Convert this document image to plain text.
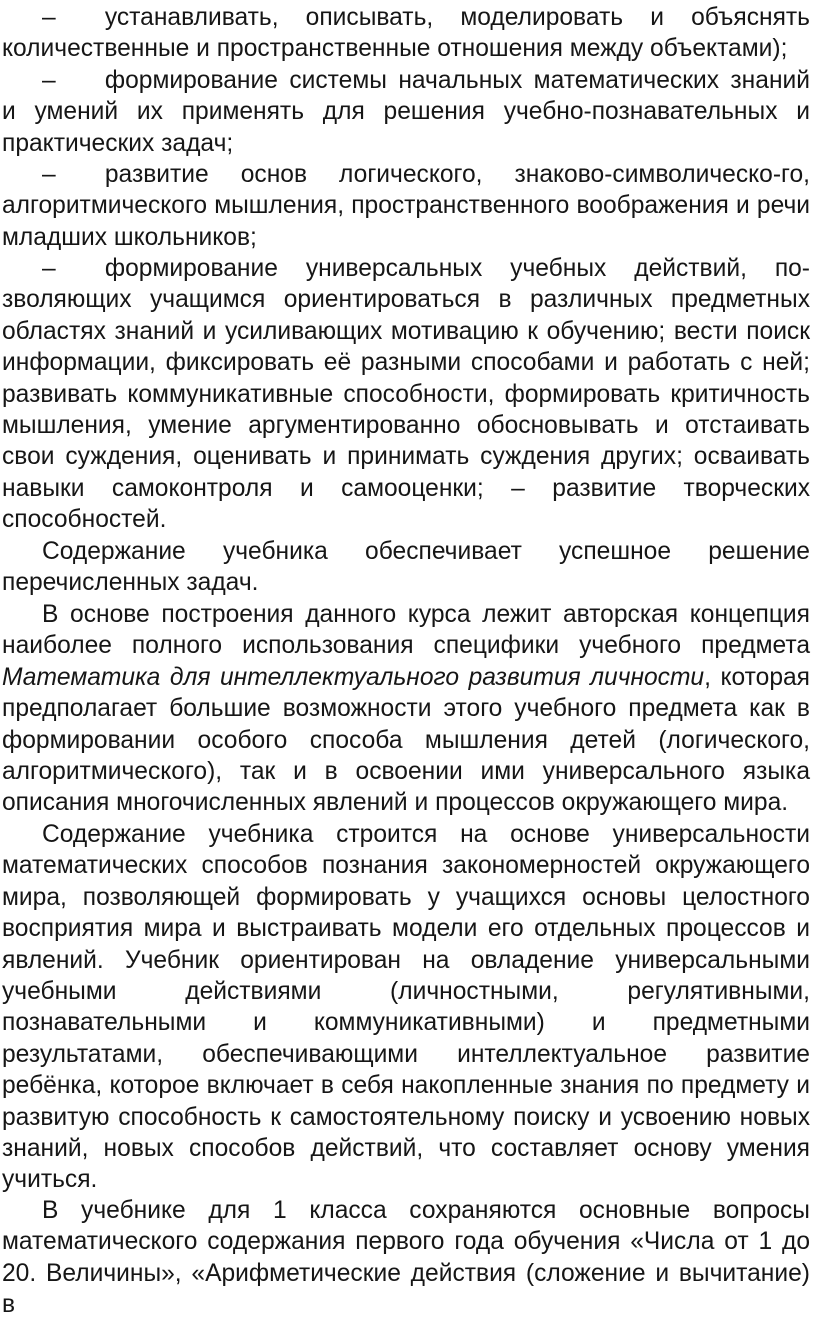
–  устанавливать, описывать, моделировать и объяснять количественные и пространственные отношения между объектами);

–  формирование системы начальных математических знаний и умений их применять для решения учебно-познавательных и практических задач;

–  развитие основ логического, знаково-символическо-го, алгоритмического мышления, пространственного воображения и речи младших школьников;

–  формирование универсальных учебных действий, по-зволяющих учащимся ориентироваться в различных предметных областях знаний и усиливающих мотивацию к обучению; вести поиск информации, фиксировать её разными способами и работать с ней; развивать коммуникативные способности, формировать критичность мышления, умение аргументированно обосновывать и отстаивать свои суждения, оценивать и принимать суждения других; осваивать навыки самоконтроля и самооценки; – развитие творческих способностей.

Содержание учебника обеспечивает успешное решение перечисленных задач.

В основе построения данного курса лежит авторская концепция наиболее полного использования специфики учебного предмета Математика для интеллектуального развития личности, которая предполагает большие возможности этого учебного предмета как в формировании особого способа мышления детей (логического, алгоритмического), так и в освоении ими универсального языка описания многочисленных явлений и процессов окружающего мира.

Содержание учебника строится на основе универсальности математических способов познания закономерностей окружающего мира, позволяющей формировать у учащихся основы целостного восприятия мира и выстраивать модели его отдельных процессов и явлений. Учебник ориентирован на овладение универсальными учебными действиями (личностными, регулятивными, познавательными и коммуникативными) и предметными результатами, обеспечивающими интеллектуальное развитие ребёнка, которое включает в себя накопленные знания по предмету и развитую способность к самостоятельному поиску и усвоению новых знаний, новых способов действий, что составляет основу умения учиться.

В учебнике для 1 класса сохраняются основные вопросы математического содержания первого года обучения «Числа от 1 до 20. Величины», «Арифметические действия (сложение и вычитание) в
